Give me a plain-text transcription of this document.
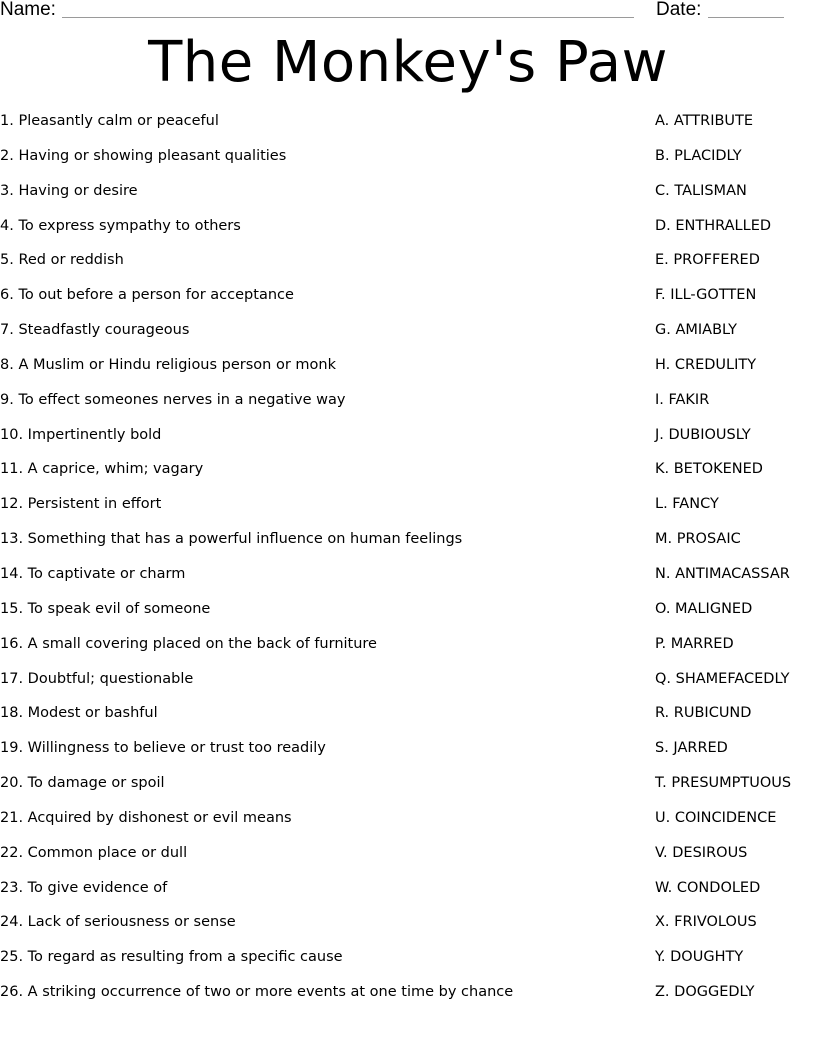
Name:	Date:
The Monkey's Paw
1. Pleasantly calm or peaceful
2. Having or showing pleasant qualities
3. Having or desire
4. To express sympathy to others
5. Red or reddish
6. To out before a person for acceptance
7. Steadfastly courageous
8. A Muslim or Hindu religious person or monk
9. To effect someones nerves in a negative way
10. Impertinently bold
11. A caprice, whim; vagary
12. Persistent in effort
13. Something that has a powerful influence on human feelings
14. To captivate or charm
15. To speak evil of someone
16. A small covering placed on the back of furniture
17. Doubtful; questionable
18. Modest or bashful
19. Willingness to believe or trust too readily
20. To damage or spoil
21. Acquired by dishonest or evil means
22. Common place or dull
23. To give evidence of
24. Lack of seriousness or sense
25. To regard as resulting from a specific cause
26. A striking occurrence of two or more events at one time by chance
A. ATTRIBUTE
B. PLACIDLY
C. TALISMAN
D. ENTHRALLED
E. PROFFERED
F. ILL-GOTTEN
G. AMIABLY
H. CREDULITY
I. FAKIR
J. DUBIOUSLY
K. BETOKENED
L. FANCY
M. PROSAIC
N. ANTIMACASSAR
O. MALIGNED
P. MARRED
Q. SHAMEFACEDLY
R. RUBICUND
S. JARRED
T. PRESUMPTUOUS
U. COINCIDENCE
V. DESIROUS
W. CONDOLED
X. FRIVOLOUS
Y. DOUGHTY
Z. DOGGEDLY
